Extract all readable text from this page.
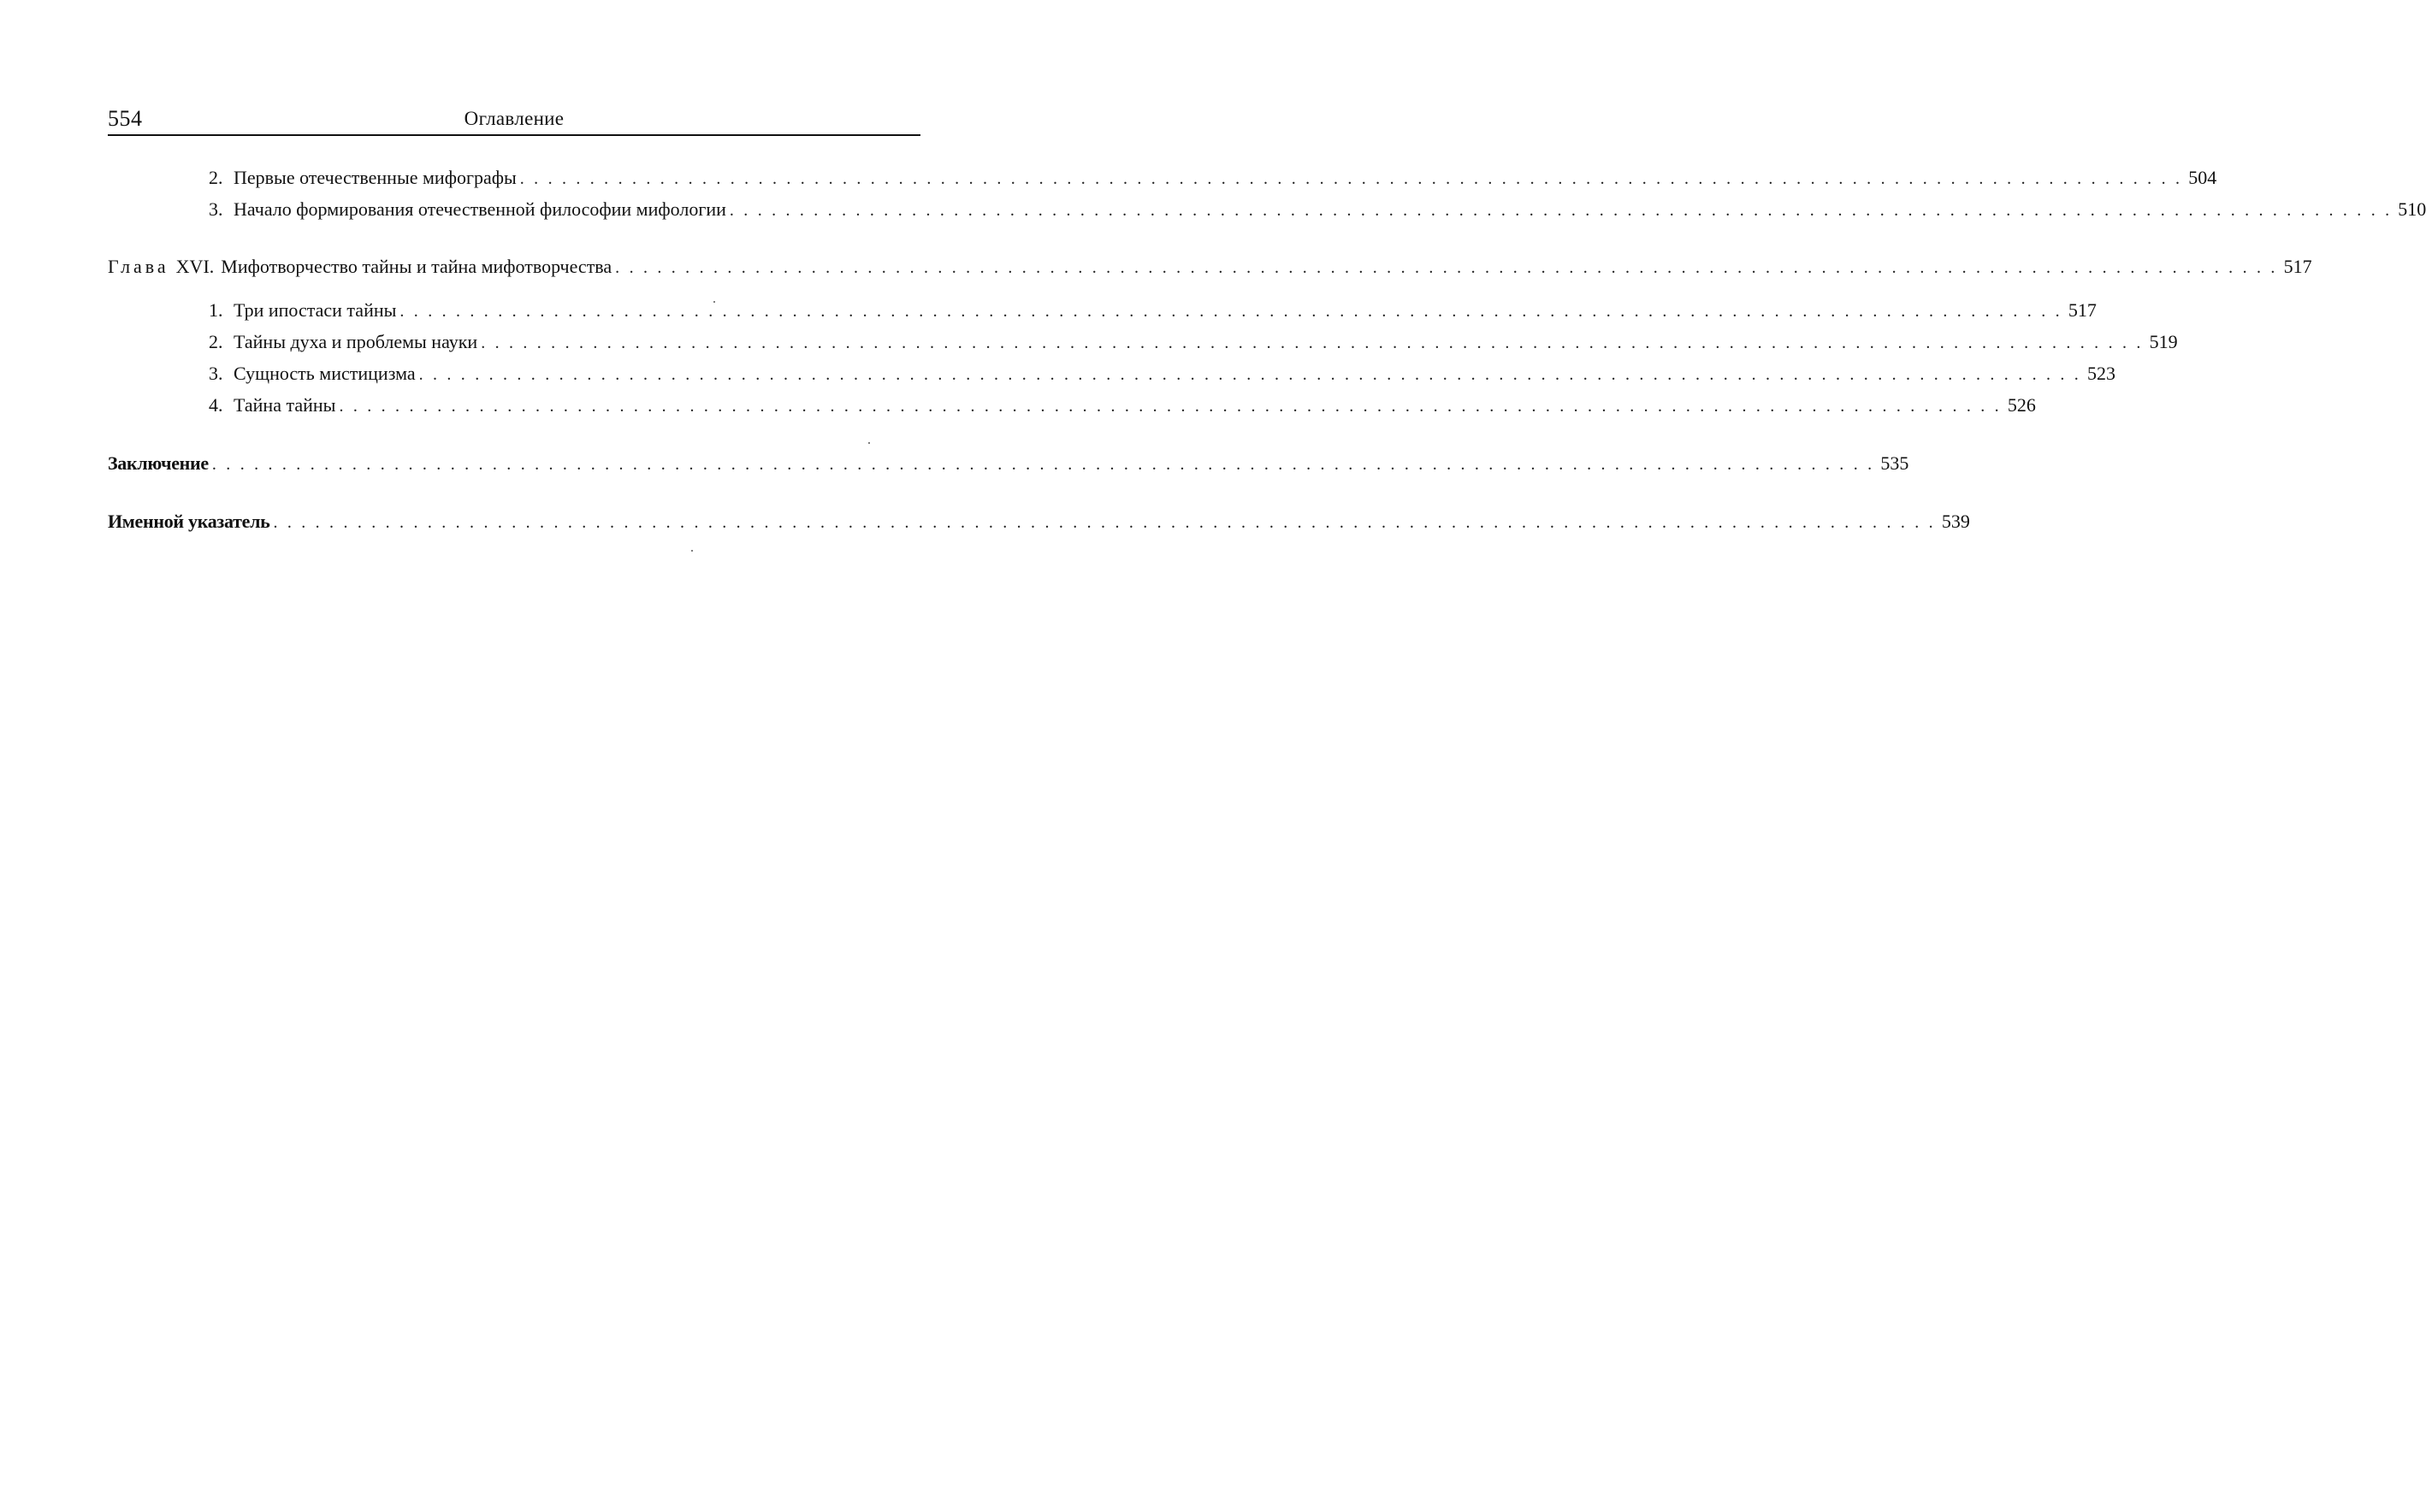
554	Оглавление
2. Первые отечественные мифографы . . .	504
3. Начало формирования отечественной философии мифологии . . .	510
Глава XVI. Мифотворчество тайны и тайна мифотворчества . . .	517
1. Три ипостаси тайны . . .	517
2. Тайны духа и проблемы науки . . .	519
3. Сущность мистицизма . . .	523
4. Тайна тайны . . .	526
Заключение . . .	535
Именной указатель . . .	539
